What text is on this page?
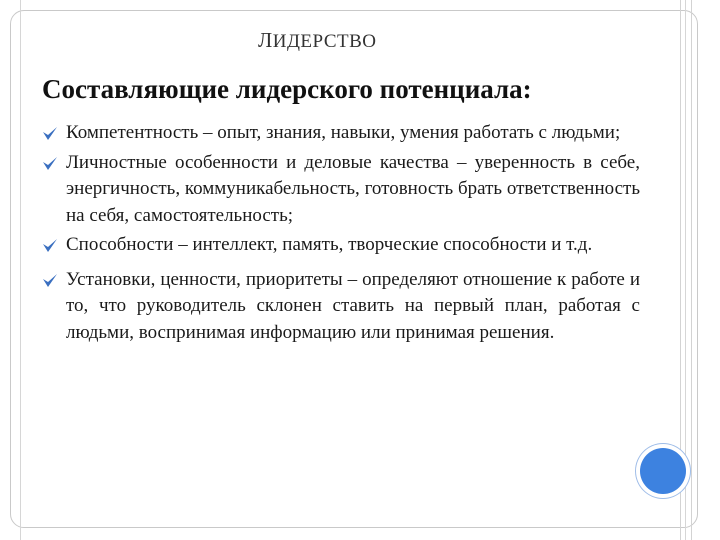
ЛИДЕРСТВО
Составляющие лидерского потенциала:
Компетентность – опыт, знания, навыки, умения работать с людьми;
Личностные особенности и деловые качества – уверенность в себе, энергичность, коммуникабельность, готовность брать ответственность на себя, самостоятельность;
Способности – интеллект, память, творческие способности и т.д.
Установки, ценности, приоритеты – определяют отношение к работе и то, что руководитель склонен ставить на первый план, работая с людьми, воспринимая информацию или принимая решения.
